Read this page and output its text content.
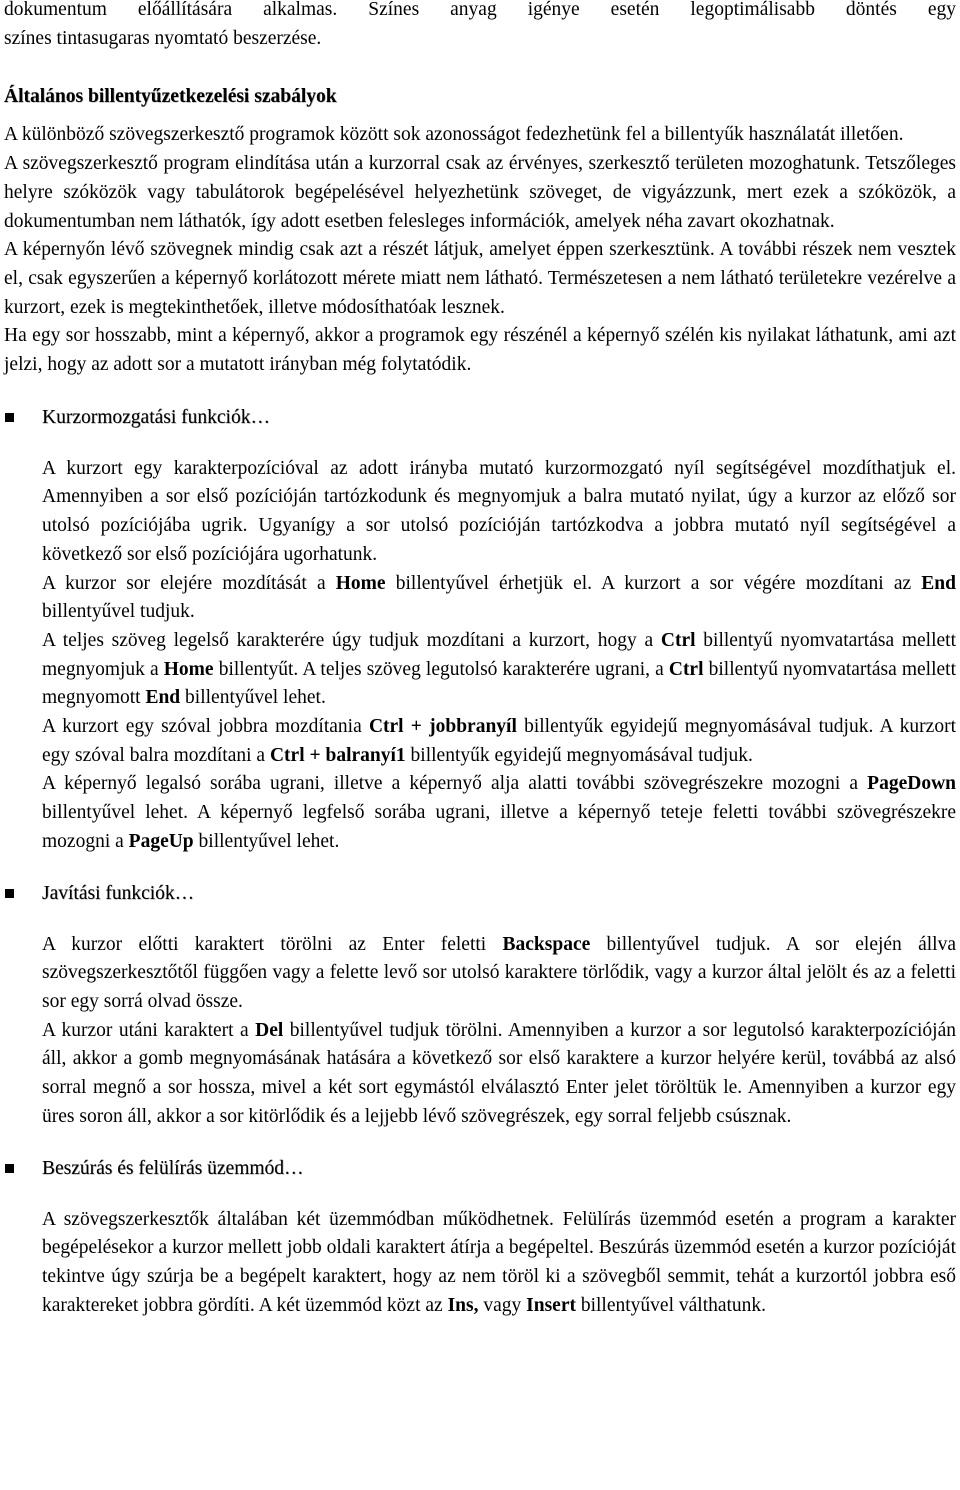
dokumentum előállítására alkalmas. Színes anyag igénye esetén legoptimálisabb döntés egy

színes tintasugaras nyomtató beszerzése.

Általános billentyűzetkezelési szabályok

A különböző szövegszerkesztő programok között sok azonosságot fedezhetünk fel a billentyűk használatát illetően.

A szövegszerkesztő program elindítása után a kurzorral csak az érvényes, szerkesztő területen mozoghatunk. Tetszőleges helyre szóközök vagy tabulátorok begépelésével helyezhetünk szöveget, de vigyázzunk, mert ezek a szóközök, a dokumentumban nem láthatók, így adott esetben felesleges információk, amelyek néha zavart okozhatnak.

A képernyőn lévő szövegnek mindig csak azt a részét látjuk, amelyet éppen szerkesztünk. A további részek nem vesztek el, csak egyszerűen a képernyő korlátozott mérete miatt nem látható. Természetesen a nem látható területekre vezérelve a kurzort, ezek is megtekinthetőek, illetve módosíthatóak lesznek.

Ha egy sor hosszabb, mint a képernyő, akkor a programok egy részénél a képernyő szélén kis nyilakat láthatunk, ami azt jelzi, hogy az adott sor a mutatott irányban még folytatódik.

Kurzormozgatási funkciók…

A kurzort egy karakterpozícióval az adott irányba mutató kurzormozgató nyíl segítségével mozdíthatjuk el. Amennyiben a sor első pozícióján tartózkodunk és megnyomjuk a balra mutató nyilat, úgy a kurzor az előző sor utolsó pozíciójába ugrik. Ugyanígy a sor utolsó pozícióján tartózkodva a jobbra mutató nyíl segítségével a következő sor első pozíciójára ugorhatunk.

A kurzor sor elejére mozdítását a Home billentyűvel érhetjük el. A kurzort a sor végére mozdítani az End billentyűvel tudjuk.

A teljes szöveg legelső karakterére úgy tudjuk mozdítani a kurzort, hogy a Ctrl billentyű nyomvatartása mellett megnyomjuk a Home billentyűt. A teljes szöveg legutolsó karakterére ugrani, a Ctrl billentyű nyomvatartása mellett megnyomott End billentyűvel lehet.

A kurzort egy szóval jobbra mozdítania Ctrl + jobbranyíl billentyűk egyidejű megnyomásával tudjuk. A kurzort egy szóval balra mozdítani a Ctrl + balranyí1 billentyűk egyidejű megnyomásával tudjuk.

A képernyő legalsó sorába ugrani, illetve a képernyő alja alatti további szövegrészekre mozogni a PageDown billentyűvel lehet. A képernyő legfelső sorába ugrani, illetve a képernyő teteje feletti további szövegrészekre mozogni a PageUp billentyűvel lehet.

Javítási funkciók…

A kurzor előtti karaktert törölni az Enter feletti Backspace billentyűvel tudjuk. A sor elején állva szövegszerkesztőtől függően vagy a felette levő sor utolsó karaktere törlődik, vagy a kurzor által jelölt és az a feletti sor egy sorrá olvad össze.

A kurzor utáni karaktert a Del billentyűvel tudjuk törölni. Amennyiben a kurzor a sor legutolsó karakterpozícióján áll, akkor a gomb megnyomásának hatására a következő sor első karaktere a kurzor helyére kerül, továbbá az alsó sorral megnő a sor hossza, mivel a két sort egymástól elválasztó Enter jelet töröltük le. Amennyiben a kurzor egy üres soron áll, akkor a sor kitörlődik és a lejjebb lévő szövegrészek, egy sorral feljebb csúsznak.

Beszúrás és felülírás üzemmód…

A szövegszerkesztők általában két üzemmódban működhetnek. Felülírás üzemmód esetén a program a karakter begépelésekor a kurzor mellett jobb oldali karaktert átírja a begépeltel. Beszúrás üzemmód esetén a kurzor pozícióját tekintve úgy szúrja be a begépelt karaktert, hogy az nem töröl ki a szövegből semmit, tehát a kurzortól jobbra eső karaktereket jobbra gördíti. A két üzemmód közt az Ins, vagy Insert billentyűvel válthatunk.
